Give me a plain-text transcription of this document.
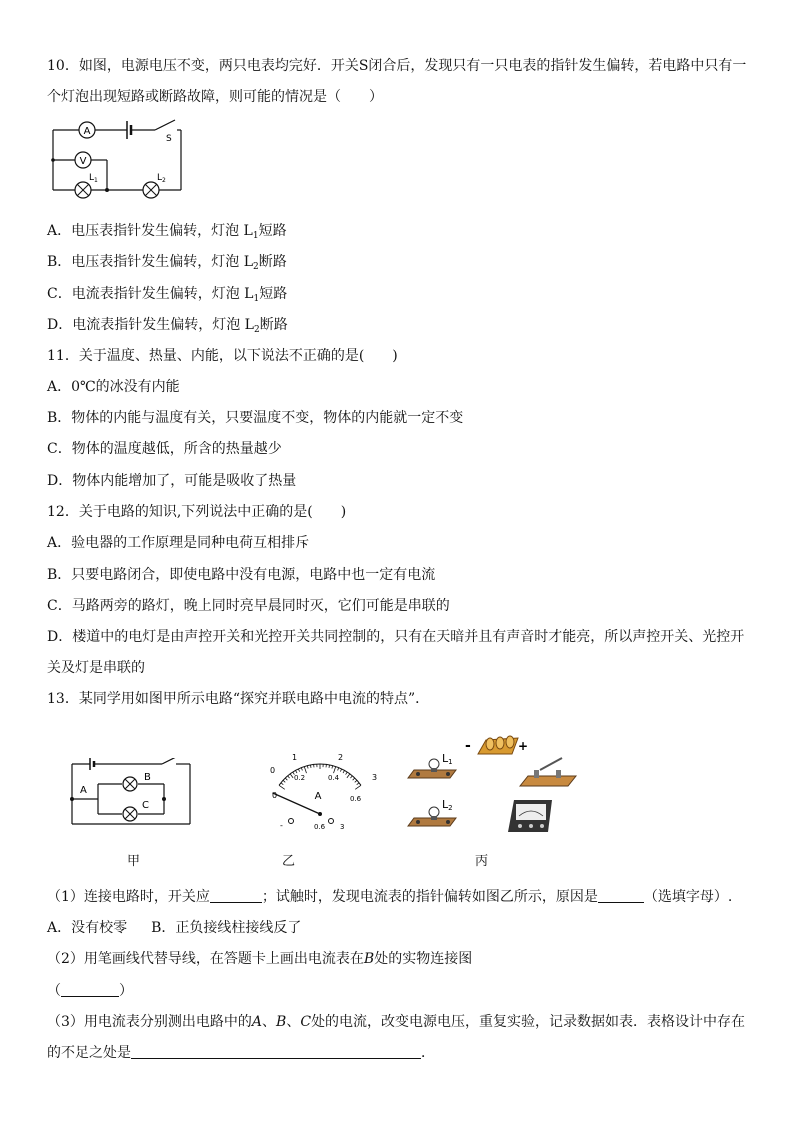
10．如图，电源电压不变，两只电表均完好．开关S闭合后，发现只有一只电表的指针发生偏转，若电路中只有一
个灯泡出现短路或断路故障，则可能的情况是（　　）
A
V
S
$L_1$	$L_2$
A．电压表指针发生偏转，灯泡 $L_1$短路
B．电压表指针发生偏转，灯泡 $L_2$断路
C．电流表指针发生偏转，灯泡 $L_1$短路
D．电流表指针发生偏转，灯泡 $L_2$断路
11．关于温度、热量、内能，以下说法不正确的是(　　)
A．0℃的冰没有内能
B．物体的内能与温度有关，只要温度不变，物体的内能就一定不变
C．物体的温度越低，所含的热量越少
D．物体内能增加了，可能是吸收了热量
12．关于电路的知识,下列说法中正确的是(　　)
A．验电器的工作原理是同种电荷互相排斥
B．只要电路闭合，即使电路中没有电源，电路中也一定有电流
C．马路两旁的路灯，晚上同时亮早晨同时灭，它们可能是串联的
D．楼道中的电灯是由声控开关和光控开关共同控制的，只有在天暗并且有声音时才能亮，所以声控开关、光控开
关及灯是串联的
13．某同学用如图甲所示电路“探究并联电路中电流的特点”．
A
B
C
A
-	0.6 3
0
1	2
3
0
0.2	0.4
0.6
-	+
L1
L2
甲	乙	丙
（1）连接电路时，开关应	；试触时，发现电流表的指针偏转如图乙所示，原因是	（选填字母）.
A．没有校零 B．正负接线柱接线反了
（2）用笔画线代替导线，在答题卡上画出电流表在B处的实物连接图
（	）
（3）用电流表分别测出电路中的A、B、C处的电流，改变电源电压，重复实验，记录数据如表．表格设计中存在
的不足之处是	．
